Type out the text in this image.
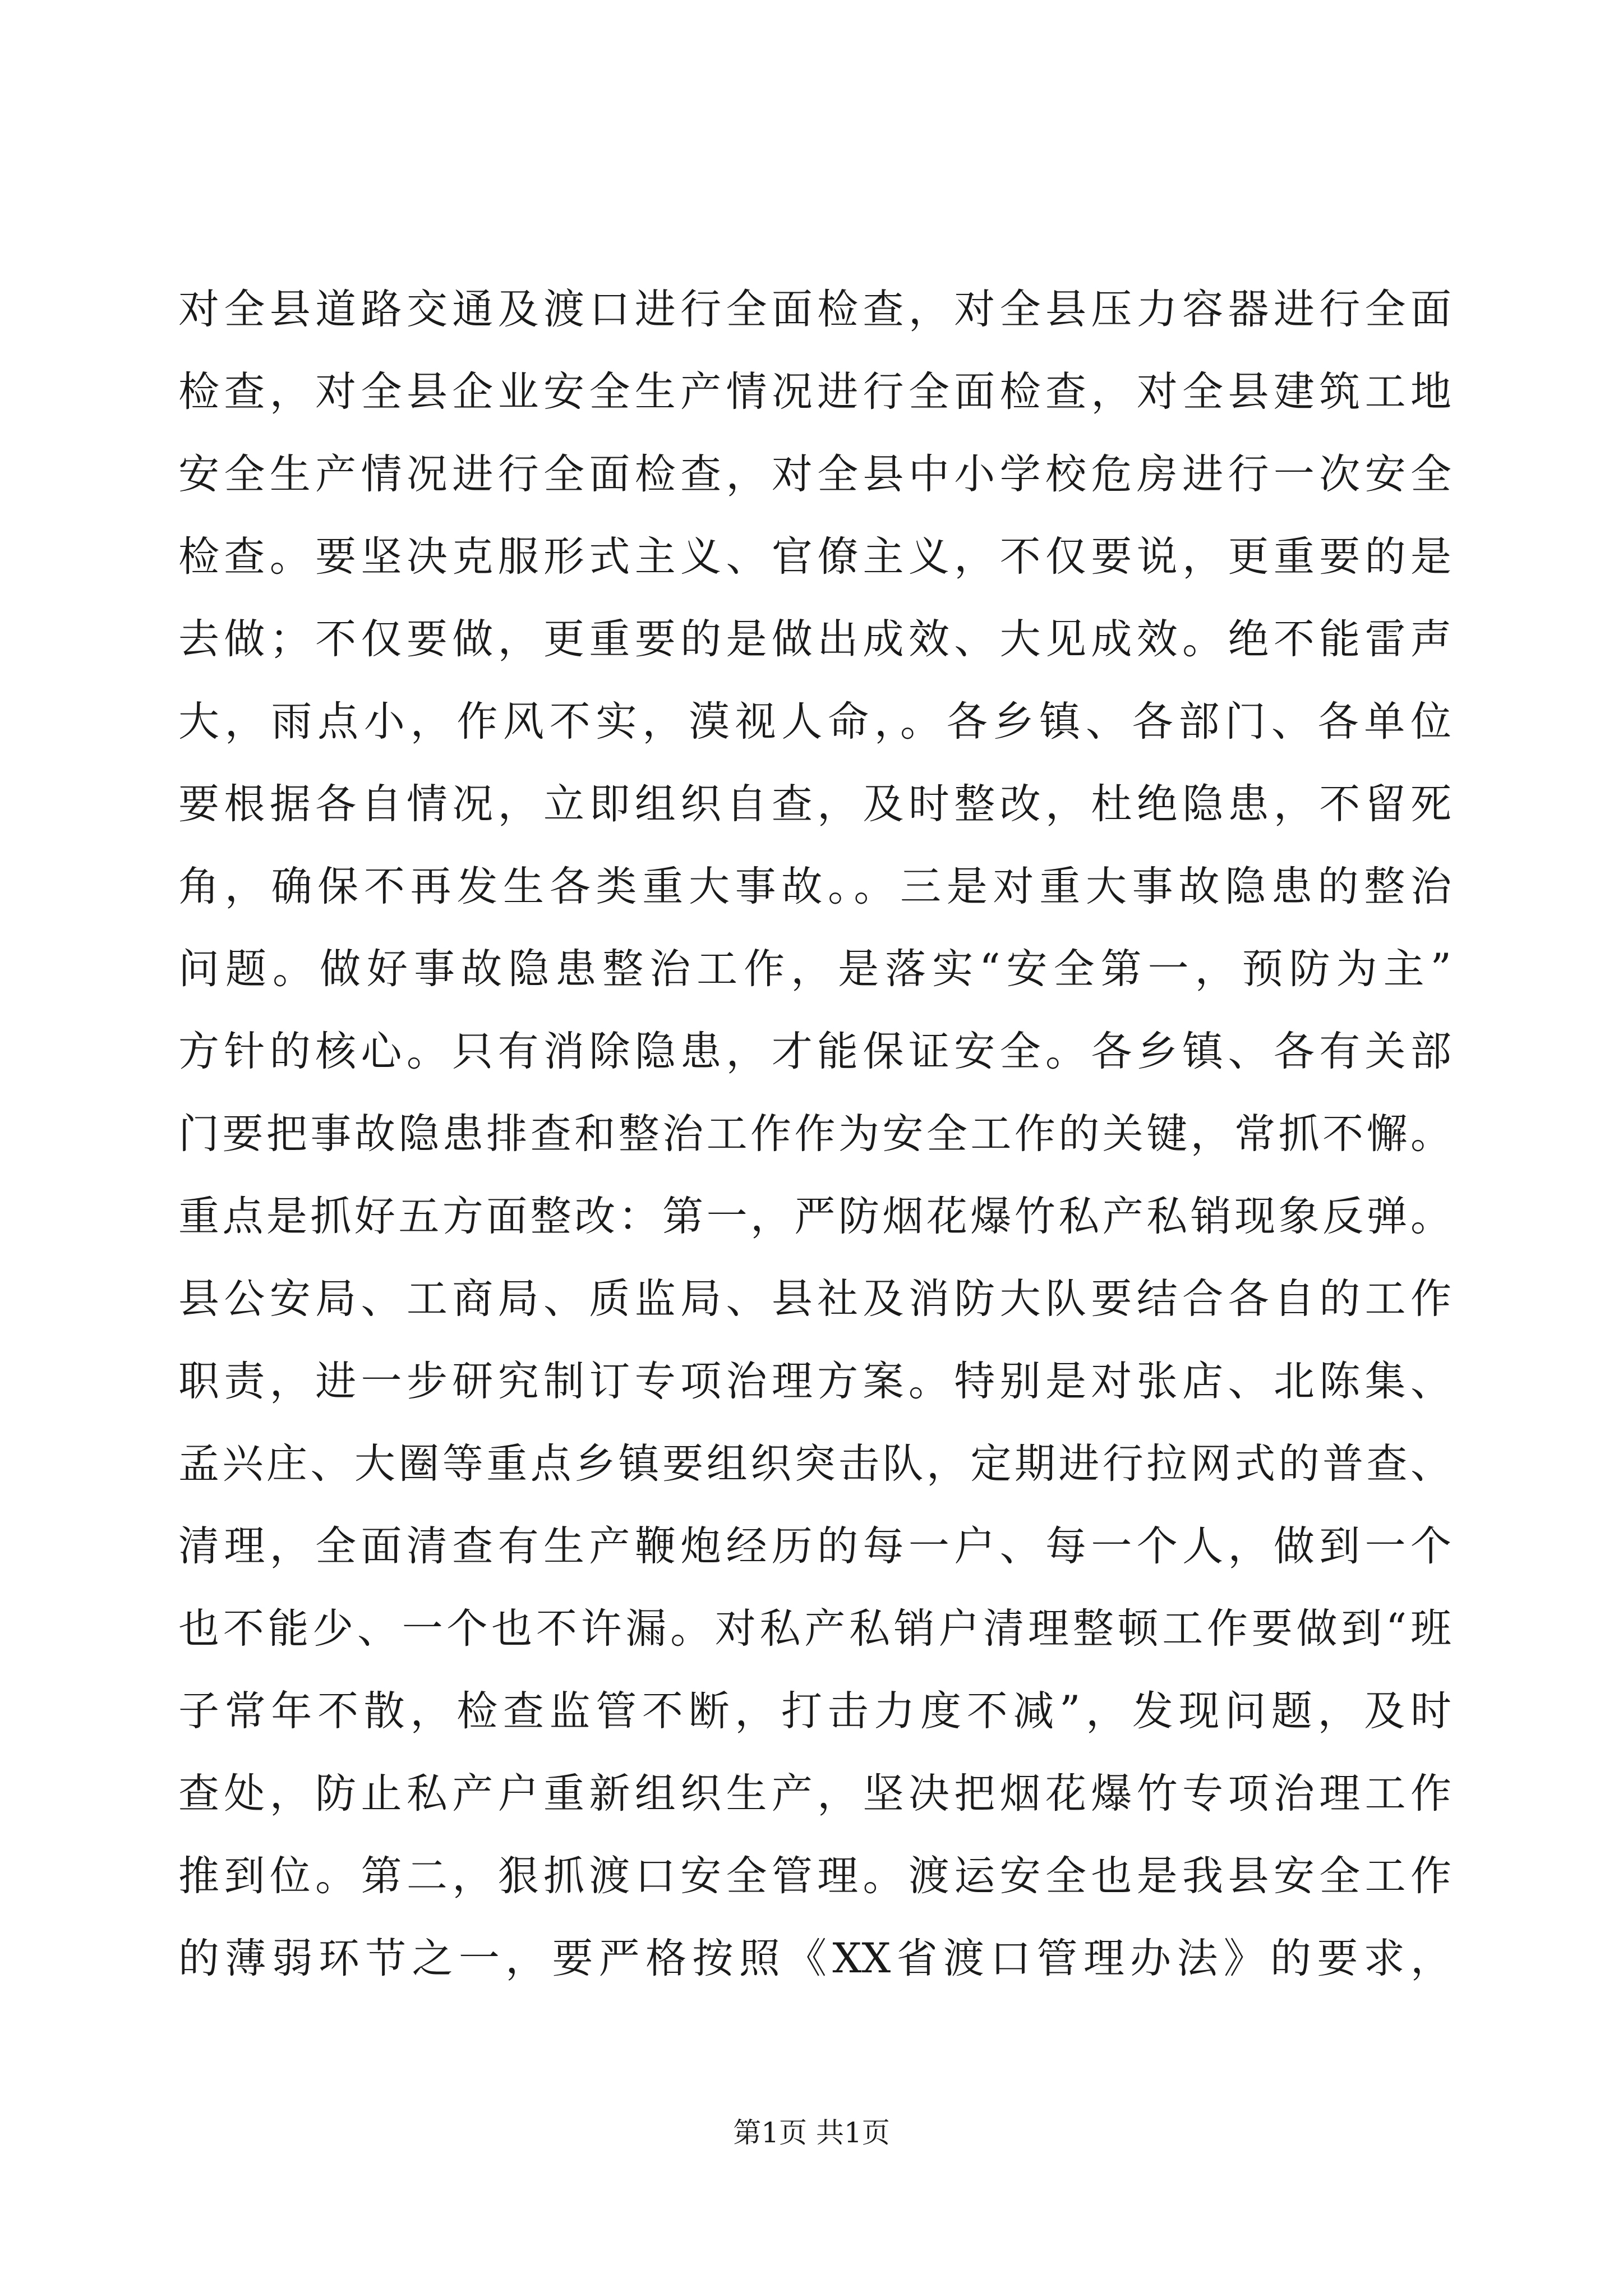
对全县道路交通及渡口进行全面检查，对全县压力容器进行全面
检查，对全县企业安全生产情况进行全面检查，对全县建筑工地
安全生产情况进行全面检查，对全县中小学校危房进行一次安全
检查。要坚决克服形式主义、官僚主义，不仅要说，更重要的是
去做；不仅要做，更重要的是做出成效、大见成效。绝不能雷声
大，雨点小，作风不实，漠视人命，。各乡镇、各部门、各单位
要根据各自情况，立即组织自查，及时整改，杜绝隐患，不留死
角，确保不再发生各类重大事故。。三是对重大事故隐患的整治
问题。做好事故隐患整治工作，是落实“安全第一，预防为主”
方针的核心。只有消除隐患，才能保证安全。各乡镇、各有关部
门要把事故隐患排查和整治工作作为安全工作的关键，常抓不懈。
重点是抓好五方面整改：第一，严防烟花爆竹私产私销现象反弹。
县公安局、工商局、质监局、县社及消防大队要结合各自的工作
职责，进一步研究制订专项治理方案。特别是对张店、北陈集、
孟兴庄、大圈等重点乡镇要组织突击队，定期进行拉网式的普查、
清理，全面清查有生产鞭炮经历的每一户、每一个人，做到一个
也不能少、一个也不许漏。对私产私销户清理整顿工作要做到“班
子常年不散，检查监管不断，打击力度不减”，发现问题，及时
查处，防止私产户重新组织生产，坚决把烟花爆竹专项治理工作
推到位。第二，狠抓渡口安全管理。渡运安全也是我县安全工作
的薄弱环节之一，要严格按照《XX省渡口管理办法》的要求，
第1页 共1页
